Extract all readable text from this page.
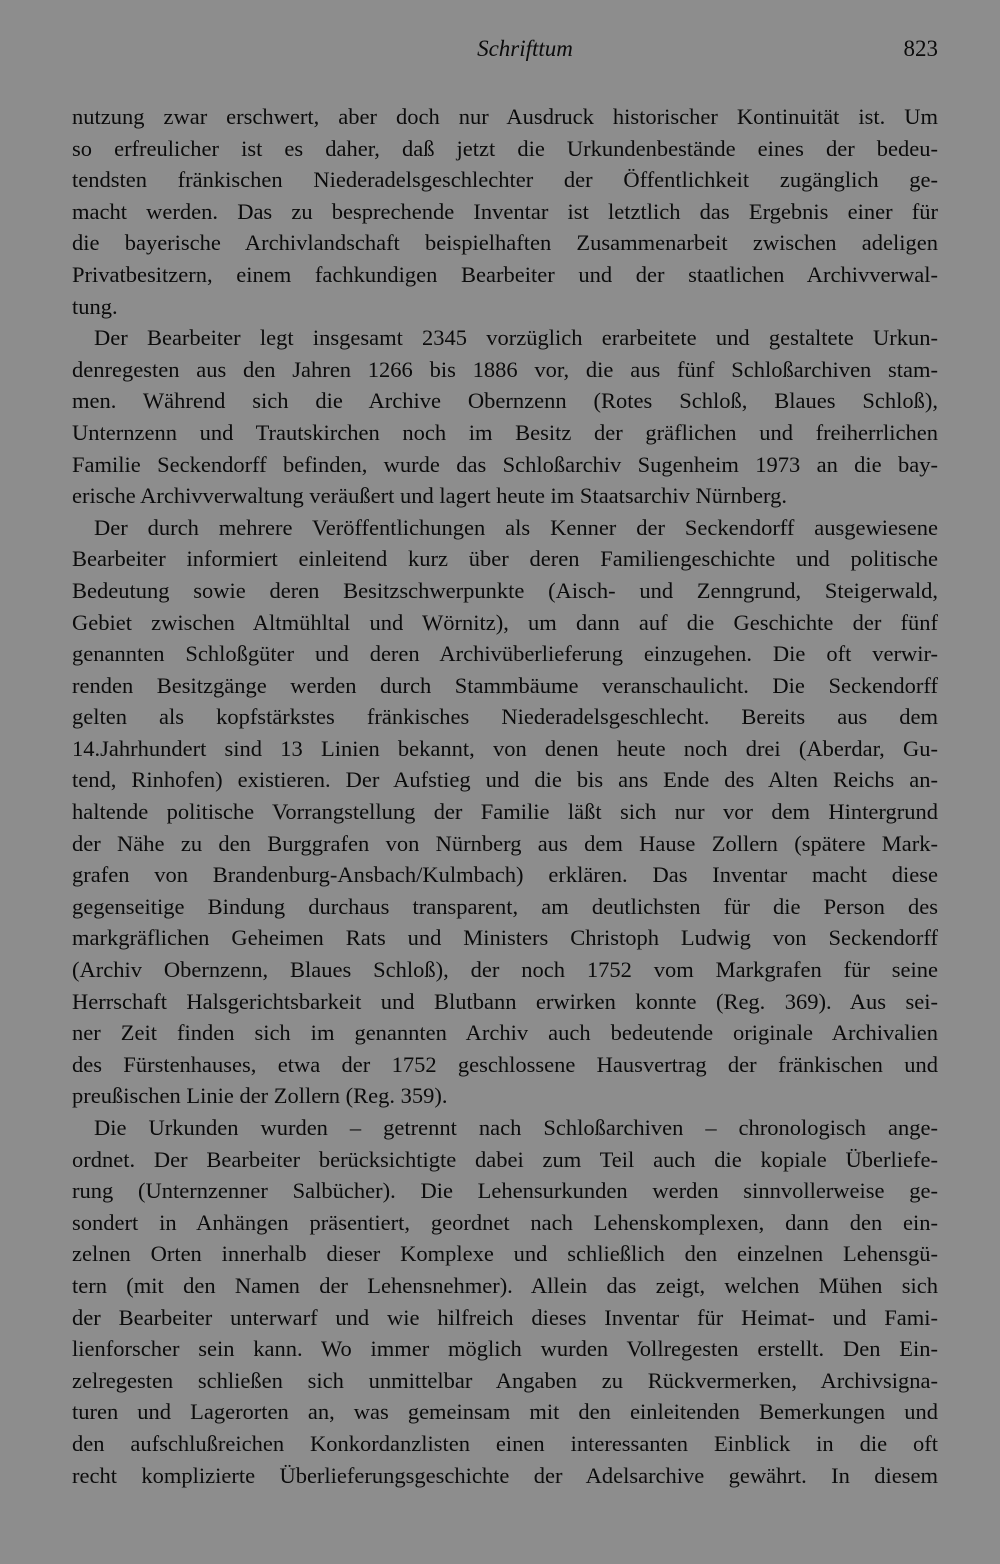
Schrifttum	823
nutzung zwar erschwert, aber doch nur Ausdruck historischer Kontinuität ist. Um
so erfreulicher ist es daher, daß jetzt die Urkundenbestände eines der bedeu-
tendsten fränkischen Niederadelsgeschlechter der Öffentlichkeit zugänglich ge-
macht werden. Das zu besprechende Inventar ist letztlich das Ergebnis einer für
die bayerische Archivlandschaft beispielhaften Zusammenarbeit zwischen adeligen
Privatbesitzern, einem fachkundigen Bearbeiter und der staatlichen Archivverwal-
tung.
Der Bearbeiter legt insgesamt 2345 vorzüglich erarbeitete und gestaltete Urkun-
denregesten aus den Jahren 1266 bis 1886 vor, die aus fünf Schloßarchiven stam-
men. Während sich die Archive Obernzenn (Rotes Schloß, Blaues Schloß),
Unternzenn und Trautskirchen noch im Besitz der gräflichen und freiherrlichen
Familie Seckendorff befinden, wurde das Schloßarchiv Sugenheim 1973 an die bay-
erische Archivverwaltung veräußert und lagert heute im Staatsarchiv Nürnberg.
Der durch mehrere Veröffentlichungen als Kenner der Seckendorff ausgewiesene
Bearbeiter informiert einleitend kurz über deren Familiengeschichte und politische
Bedeutung sowie deren Besitzschwerpunkte (Aisch- und Zenngrund, Steigerwald,
Gebiet zwischen Altmühltal und Wörnitz), um dann auf die Geschichte der fünf
genannten Schloßgüter und deren Archivüberlieferung einzugehen. Die oft verwir-
renden Besitzgänge werden durch Stammbäume veranschaulicht. Die Seckendorff
gelten als kopfstärkstes fränkisches Niederadelsgeschlecht. Bereits aus dem
14.Jahrhundert sind 13 Linien bekannt, von denen heute noch drei (Aberdar, Gu-
tend, Rinhofen) existieren. Der Aufstieg und die bis ans Ende des Alten Reichs an-
haltende politische Vorrangstellung der Familie läßt sich nur vor dem Hintergrund
der Nähe zu den Burggrafen von Nürnberg aus dem Hause Zollern (spätere Mark-
grafen von Brandenburg-Ansbach/Kulmbach) erklären. Das Inventar macht diese
gegenseitige Bindung durchaus transparent, am deutlichsten für die Person des
markgräflichen Geheimen Rats und Ministers Christoph Ludwig von Seckendorff
(Archiv Obernzenn, Blaues Schloß), der noch 1752 vom Markgrafen für seine
Herrschaft Halsgerichtsbarkeit und Blutbann erwirken konnte (Reg. 369). Aus sei-
ner Zeit finden sich im genannten Archiv auch bedeutende originale Archivalien
des Fürstenhauses, etwa der 1752 geschlossene Hausvertrag der fränkischen und
preußischen Linie der Zollern (Reg. 359).
Die Urkunden wurden – getrennt nach Schloßarchiven – chronologisch ange-
ordnet. Der Bearbeiter berücksichtigte dabei zum Teil auch die kopiale Überliefe-
rung (Unternzenner Salbücher). Die Lehensurkunden werden sinnvollerweise ge-
sondert in Anhängen präsentiert, geordnet nach Lehenskomplexen, dann den ein-
zelnen Orten innerhalb dieser Komplexe und schließlich den einzelnen Lehensgü-
tern (mit den Namen der Lehensnehmer). Allein das zeigt, welchen Mühen sich
der Bearbeiter unterwarf und wie hilfreich dieses Inventar für Heimat- und Fami-
lienforscher sein kann. Wo immer möglich wurden Vollregesten erstellt. Den Ein-
zelregesten schließen sich unmittelbar Angaben zu Rückvermerken, Archivsigna-
turen und Lagerorten an, was gemeinsam mit den einleitenden Bemerkungen und
den aufschlußreichen Konkordanzlisten einen interessanten Einblick in die oft
recht komplizierte Überlieferungsgeschichte der Adelsarchive gewährt. In diesem
